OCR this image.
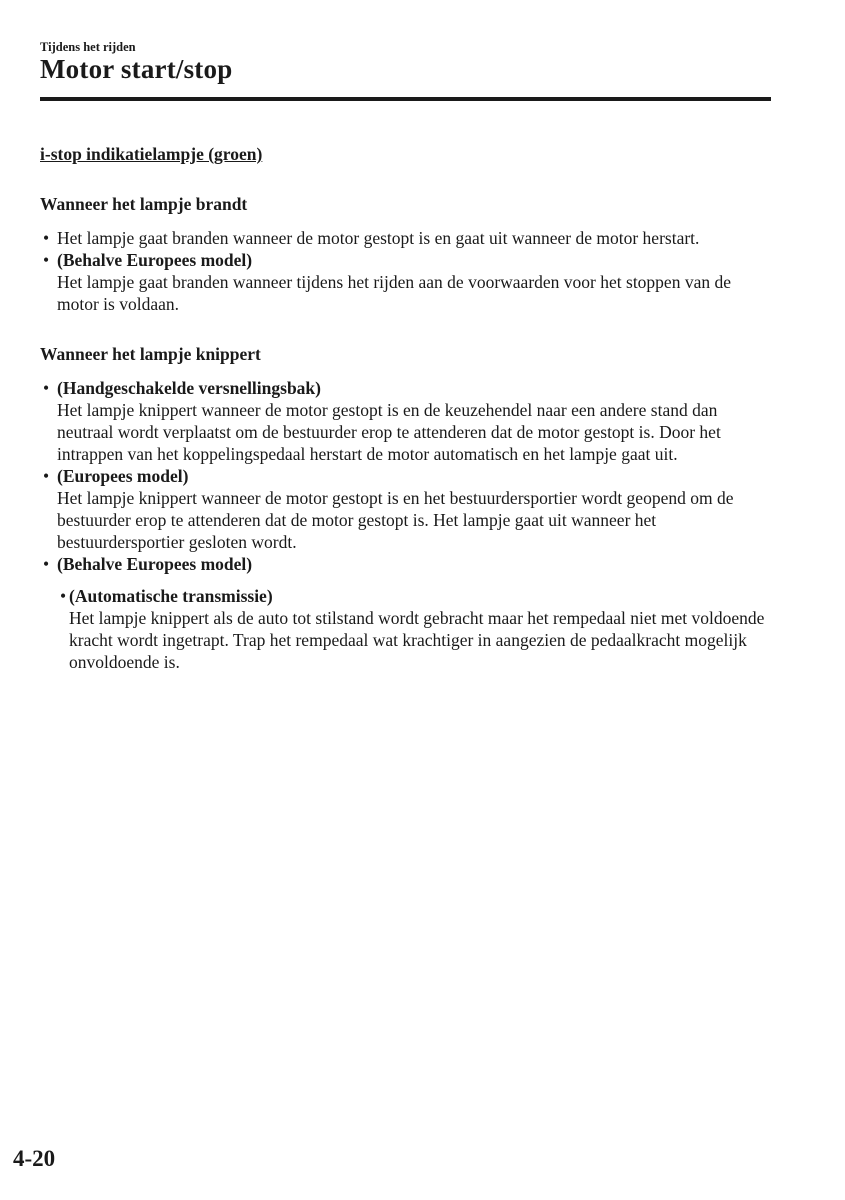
Tijdens het rijden
Motor start/stop

i-stop indikatielampje (groen)

Wanneer het lampje brandt

• Het lampje gaat branden wanneer de motor gestopt is en gaat uit wanneer de motor herstart.
• (Behalve Europees model)
Het lampje gaat branden wanneer tijdens het rijden aan de voorwaarden voor het stoppen van de motor is voldaan.

Wanneer het lampje knippert

• (Handgeschakelde versnellingsbak)
Het lampje knippert wanneer de motor gestopt is en de keuzehendel naar een andere stand dan neutraal wordt verplaatst om de bestuurder erop te attenderen dat de motor gestopt is. Door het intrappen van het koppelingspedaal herstart de motor automatisch en het lampje gaat uit.
• (Europees model)
Het lampje knippert wanneer de motor gestopt is en het bestuurdersportier wordt geopend om de bestuurder erop te attenderen dat de motor gestopt is. Het lampje gaat uit wanneer het bestuurdersportier gesloten wordt.
• (Behalve Europees model)
• (Automatische transmissie)
Het lampje knippert als de auto tot stilstand wordt gebracht maar het rempedaal niet met voldoende kracht wordt ingetrapt. Trap het rempedaal wat krachtiger in aangezien de pedaalkracht mogelijk onvoldoende is.
4-20
